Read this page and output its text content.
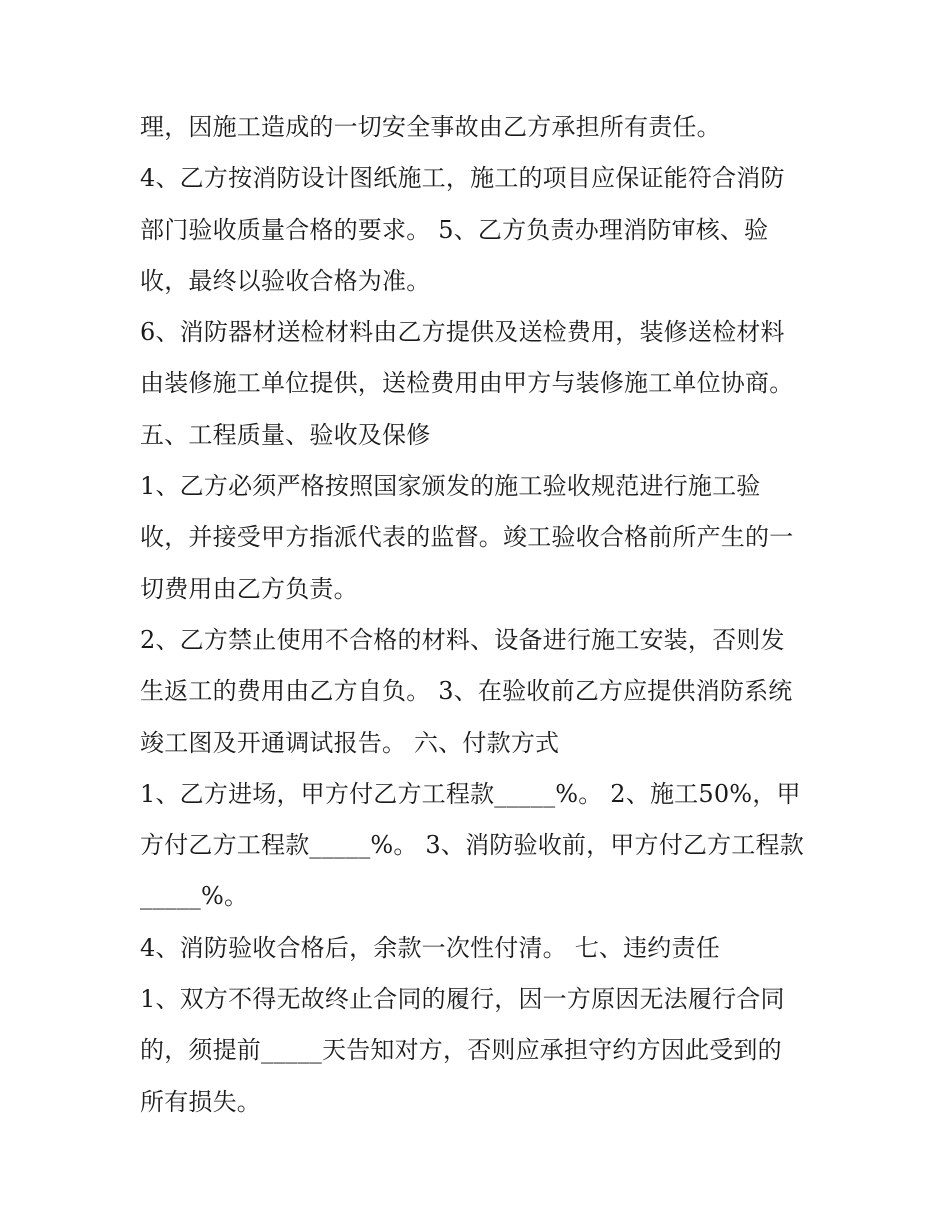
理，因施工造成的一切安全事故由乙方承担所有责任。
4、乙方按消防设计图纸施工，施工的项目应保证能符合消防
部门验收质量合格的要求。 5、乙方负责办理消防审核、验
收，最终以验收合格为准。
6、消防器材送检材料由乙方提供及送检费用，装修送检材料
由装修施工单位提供，送检费用由甲方与装修施工单位协商。
五、工程质量、验收及保修
1、乙方必须严格按照国家颁发的施工验收规范进行施工验
收，并接受甲方指派代表的监督。竣工验收合格前所产生的一
切费用由乙方负责。
2、乙方禁止使用不合格的材料、设备进行施工安装，否则发
生返工的费用由乙方自负。 3、在验收前乙方应提供消防系统
竣工图及开通调试报告。 六、付款方式
1、乙方进场，甲方付乙方工程款_____%。 2、施工50%，甲
方付乙方工程款_____%。 3、消防验收前，甲方付乙方工程款
_____%。
4、消防验收合格后，余款一次性付清。 七、违约责任
1、双方不得无故终止合同的履行，因一方原因无法履行合同
的，须提前_____天告知对方，否则应承担守约方因此受到的
所有损失。
